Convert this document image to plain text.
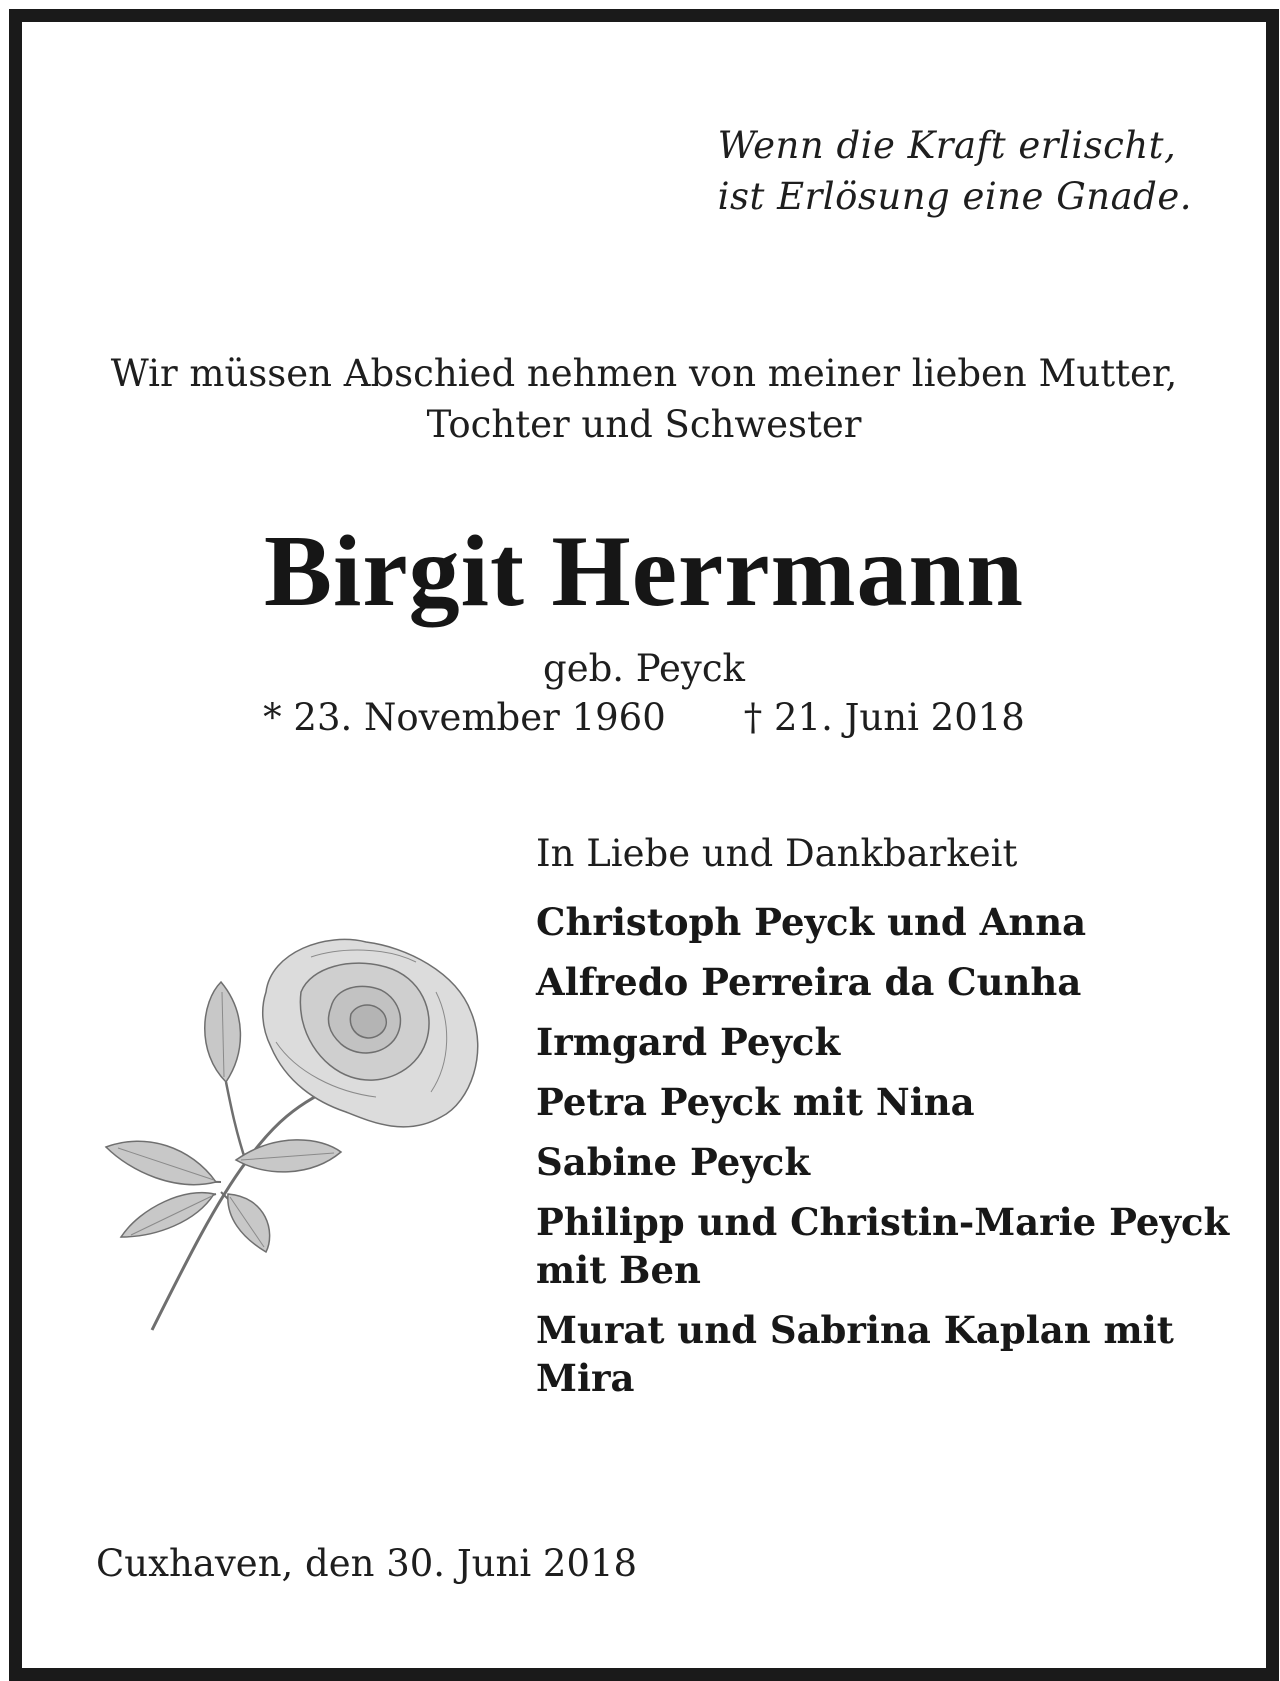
Wenn die Kraft erlischt,
ist Erlösung eine Gnade.
Wir müssen Abschied nehmen von meiner lieben Mutter,
Tochter und Schwester
Birgit Herrmann
geb. Peyck
* 23. November 1960 † 21. Juni 2018
In Liebe und Dankbarkeit
Christoph Peyck und Anna
Alfredo Perreira da Cunha
Irmgard Peyck
Petra Peyck mit Nina
Sabine Peyck
Philipp und Christin-Marie Peyck mit Ben
Murat und Sabrina Kaplan mit Mira
Cuxhaven, den 30. Juni 2018
